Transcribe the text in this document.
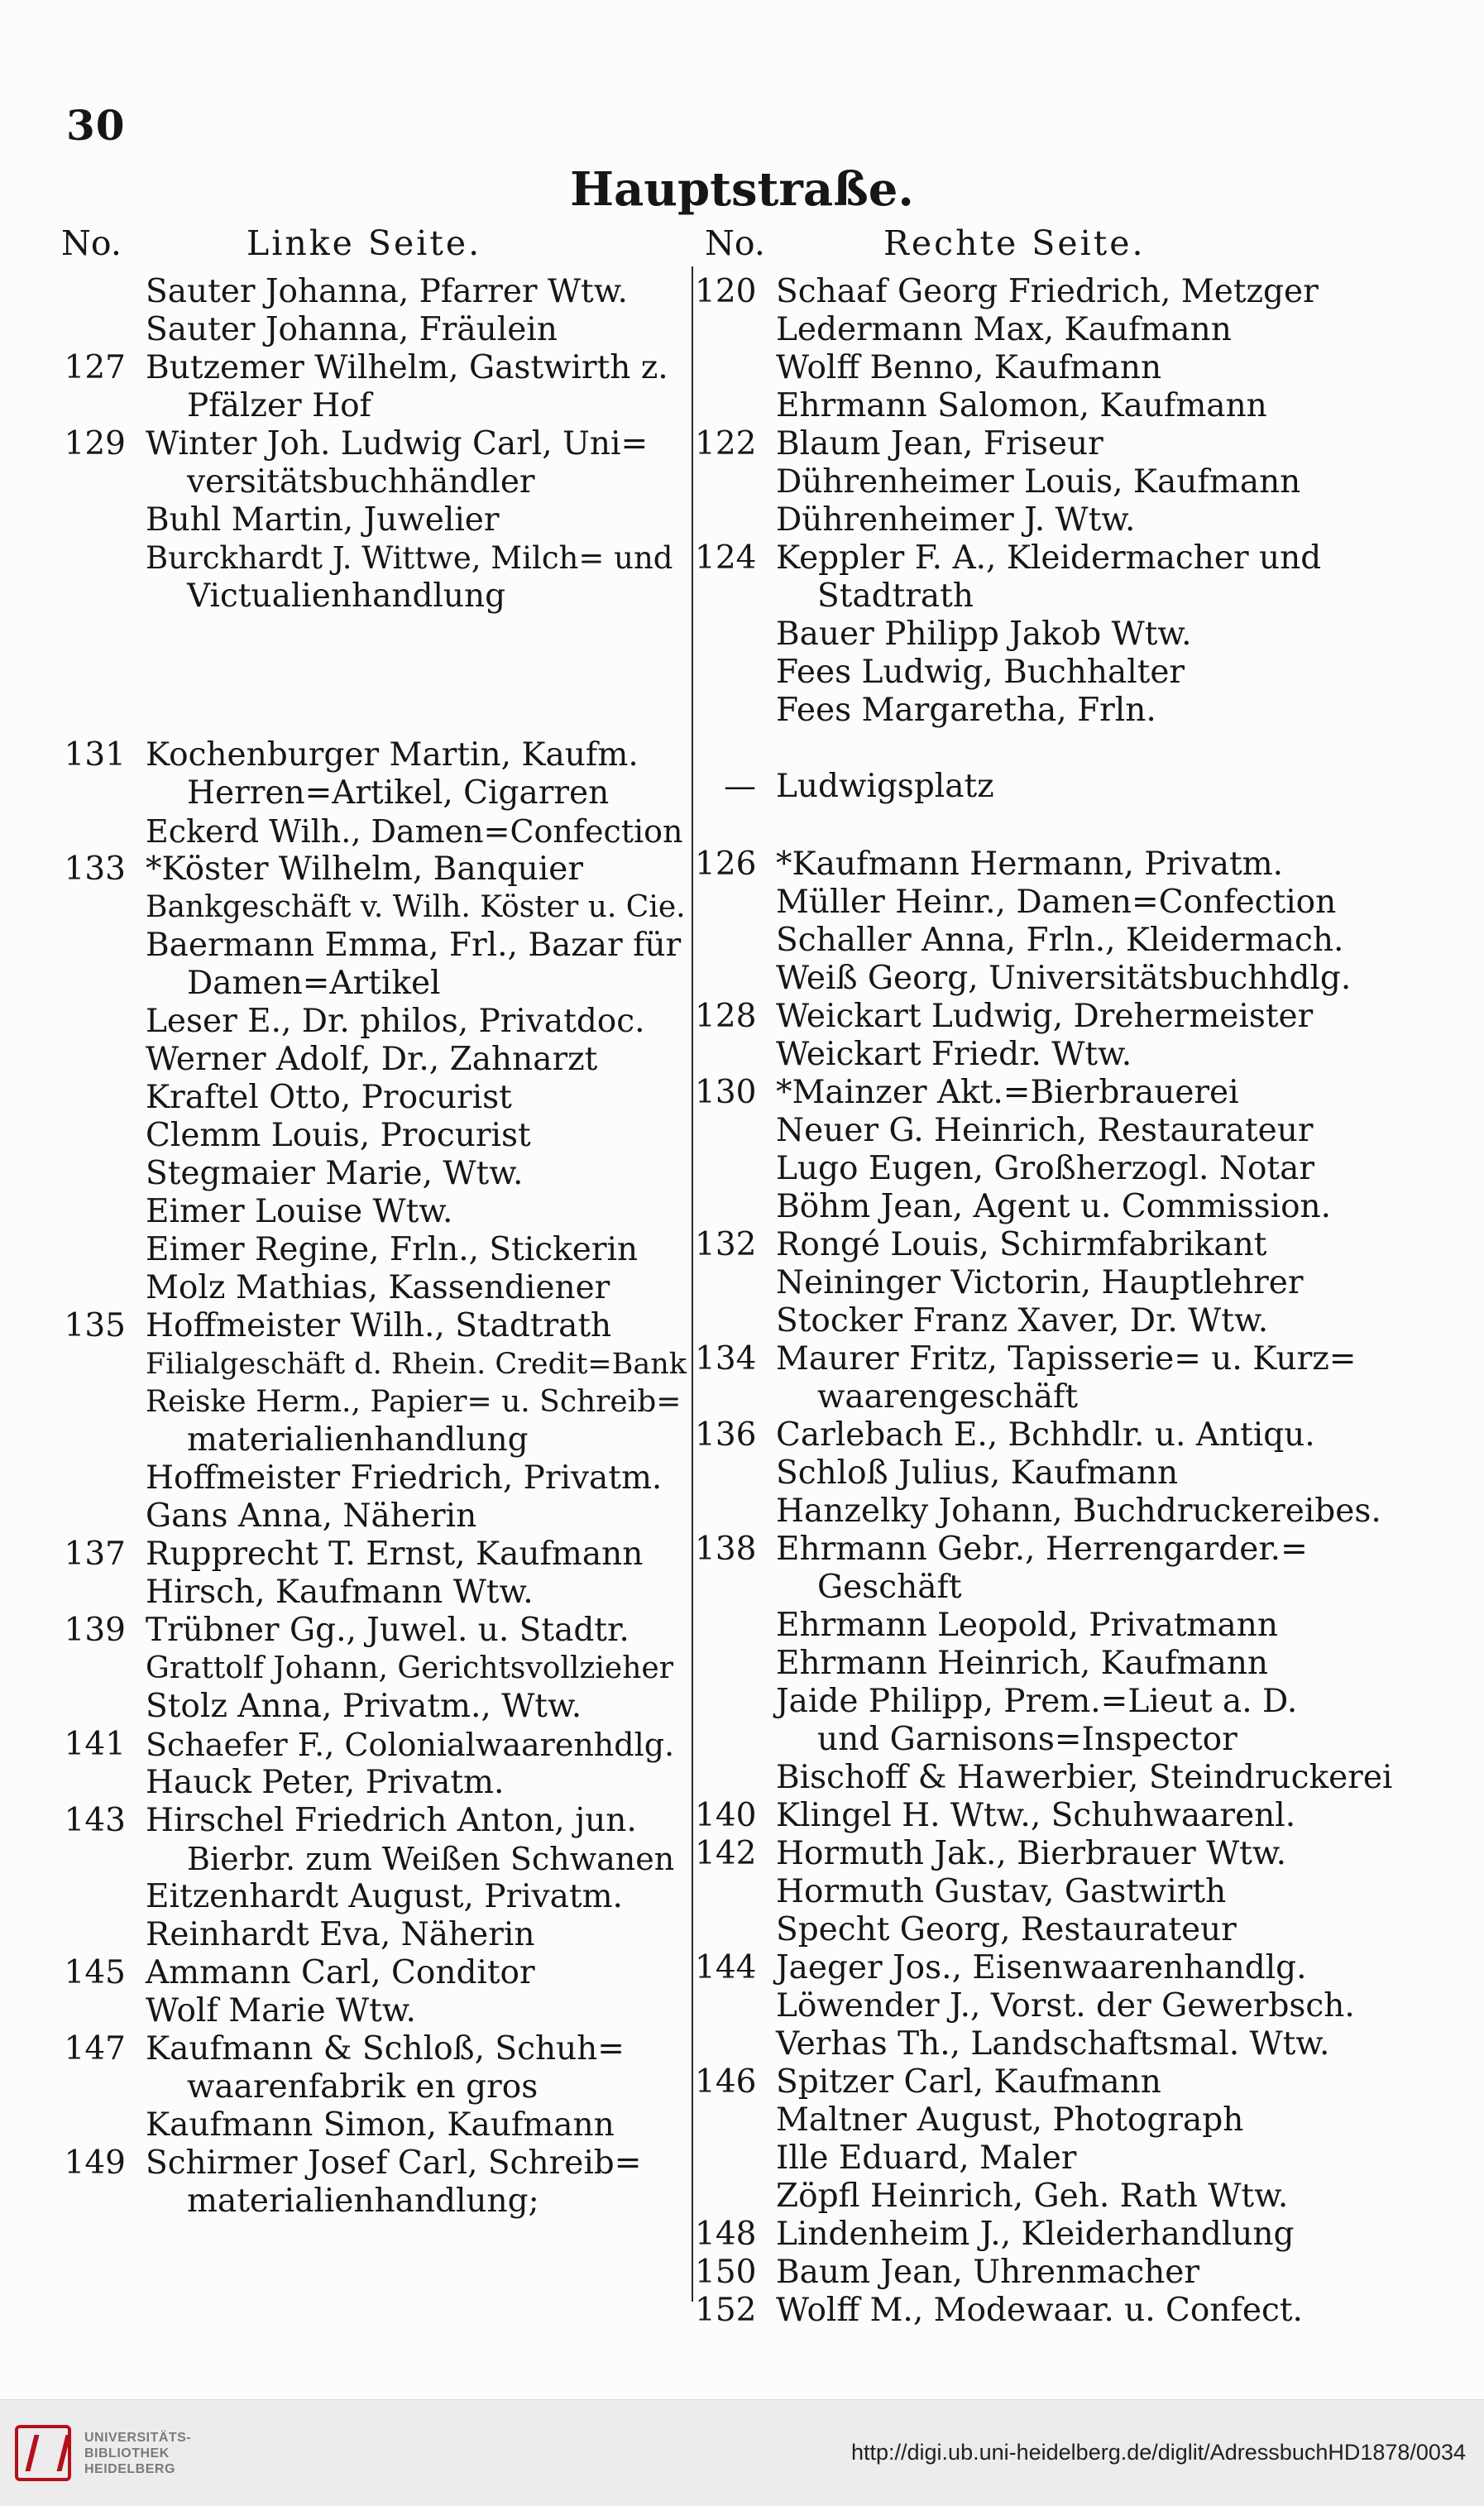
30
Hauptstraße.
No.	Linke Seite.	No.	Rechte Seite.
Sauter Johanna, Pfarrer Wtw.
Sauter Johanna, Fräulein
127 Butzemer Wilhelm, Gastwirth z.
Pfälzer Hof
129 Winter Joh. Ludwig Carl, Uni=
versitätsbuchhändler
Buhl Martin, Juwelier
Burckhardt J. Wittwe, Milch= und
Victualienhandlung
131 Kochenburger Martin, Kaufm.
Herren=Artikel, Cigarren
Eckerd Wilh., Damen=Confection
133 *Köster Wilhelm, Banquier
Bankgeschäft v. Wilh. Köster u. Cie.
Baermann Emma, Frl., Bazar für
Damen=Artikel
Leser E., Dr. philos, Privatdoc.
Werner Adolf, Dr., Zahnarzt
Kraftel Otto, Procurist
Clemm Louis, Procurist
Stegmaier Marie, Wtw.
Eimer Louise Wtw.
Eimer Regine, Frln., Stickerin
Molz Mathias, Kassendiener
135 Hoffmeister Wilh., Stadtrath
Filialgeschäft d. Rhein. Credit=Bank
Reiske Herm., Papier= u. Schreib=
materialienhandlung
Hoffmeister Friedrich, Privatm.
Gans Anna, Näherin
137 Rupprecht T. Ernst, Kaufmann
Hirsch, Kaufmann Wtw.
139 Trübner Gg., Juwel. u. Stadtr.
Grattolf Johann, Gerichtsvollzieher
Stolz Anna, Privatm., Wtw.
141 Schaefer F., Colonialwaarenhdlg.
Hauck Peter, Privatm.
143 Hirschel Friedrich Anton, jun.
Bierbr. zum Weißen Schwanen
Eitzenhardt August, Privatm.
Reinhardt Eva, Näherin
145 Ammann Carl, Conditor
Wolf Marie Wtw.
147 Kaufmann & Schloß, Schuh=
waarenfabrik en gros
Kaufmann Simon, Kaufmann
149 Schirmer Josef Carl, Schreib=
materialienhandlung;
120 Schaaf Georg Friedrich, Metzger
Ledermann Max, Kaufmann
Wolff Benno, Kaufmann
Ehrmann Salomon, Kaufmann
122 Blaum Jean, Friseur
Dührenheimer Louis, Kaufmann
Dührenheimer J. Wtw.
124 Keppler F. A., Kleidermacher und
Stadtrath
Bauer Philipp Jakob Wtw.
Fees Ludwig, Buchhalter
Fees Margaretha, Frln.
— Ludwigsplatz
126 *Kaufmann Hermann, Privatm.
Müller Heinr., Damen=Confection
Schaller Anna, Frln., Kleidermach.
Weiß Georg, Universitätsbuchhdlg.
128 Weickart Ludwig, Drehermeister
Weickart Friedr. Wtw.
130 *Mainzer Akt.=Bierbrauerei
Neuer G. Heinrich, Restaurateur
Lugo Eugen, Großherzogl. Notar
Böhm Jean, Agent u. Commission.
132 Rongé Louis, Schirmfabrikant
Neininger Victorin, Hauptlehrer
Stocker Franz Xaver, Dr. Wtw.
134 Maurer Fritz, Tapisserie= u. Kurz=
waarengeschäft
136 Carlebach E., Bchhdlr. u. Antiqu.
Schloß Julius, Kaufmann
Hanzelky Johann, Buchdruckereibes.
138 Ehrmann Gebr., Herrengarder.=
Geschäft
Ehrmann Leopold, Privatmann
Ehrmann Heinrich, Kaufmann
Jaide Philipp, Prem.=Lieut a. D.
und Garnisons=Inspector
Bischoff & Hawerbier, Steindruckerei
140 Klingel H. Wtw., Schuhwaarenl.
142 Hormuth Jak., Bierbrauer Wtw.
Hormuth Gustav, Gastwirth
Specht Georg, Restaurateur
144 Jaeger Jos., Eisenwaarenhandlg.
Löwender J., Vorst. der Gewerbsch.
Verhas Th., Landschaftsmal. Wtw.
146 Spitzer Carl, Kaufmann
Maltner August, Photograph
Ille Eduard, Maler
Zöpfl Heinrich, Geh. Rath Wtw.
148 Lindenheim J., Kleiderhandlung
150 Baum Jean, Uhrenmacher
152 Wolff M., Modewaar. u. Confect.
UNIVERSITÄTS-
BIBLIOTHEK
HEIDELBERG
http://digi.ub.uni-heidelberg.de/diglit/AdressbuchHD1878/0034
